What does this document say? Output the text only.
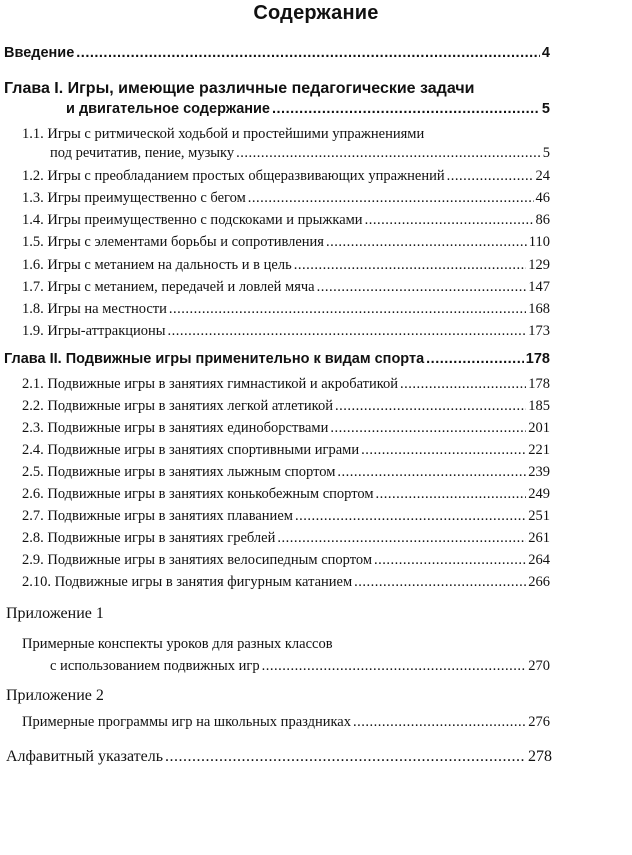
Содержание
Введение .....	4
Глава I. Игры, имеющие различные педагогические задачи
и двигательное содержание .....	5
1.1. Игры с ритмической ходьбой и простейшими упражнениями
под речитатив, пение, музыку .....	5
1.2. Игры с преобладанием простых общеразвивающих упражнений .....	24
1.3. Игры преимущественно с бегом .....	46
1.4. Игры преимущественно с подскоками и прыжками .....	86
1.5. Игры с элементами борьбы и сопротивления .....	110
1.6. Игры с метанием на дальность и в цель .....	129
1.7. Игры с метанием, передачей и ловлей мяча .....	147
1.8. Игры на местности .....	168
1.9. Игры-аттракционы .....	173
Глава II. Подвижные игры применительно к видам спорта .....	178
2.1. Подвижные игры в занятиях гимнастикой и акробатикой .....	178
2.2. Подвижные игры в занятиях легкой атлетикой .....	185
2.3. Подвижные игры в занятиях единоборствами .....	201
2.4. Подвижные игры в занятиях спортивными играми .....	221
2.5. Подвижные игры в занятиях лыжным спортом .....	239
2.6. Подвижные игры в занятиях конькобежным спортом .....	249
2.7. Подвижные игры в занятиях плаванием .....	251
2.8. Подвижные игры в занятиях греблей .....	261
2.9. Подвижные игры в занятиях велосипедным спортом .....	264
2.10. Подвижные игры в занятия фигурным катанием .....	266
Приложение 1
Примерные конспекты уроков для разных классов
с использованием подвижных игр .....	270
Приложение 2
Примерные программы игр на школьных праздниках .....	276
Алфавитный указатель .....	278
